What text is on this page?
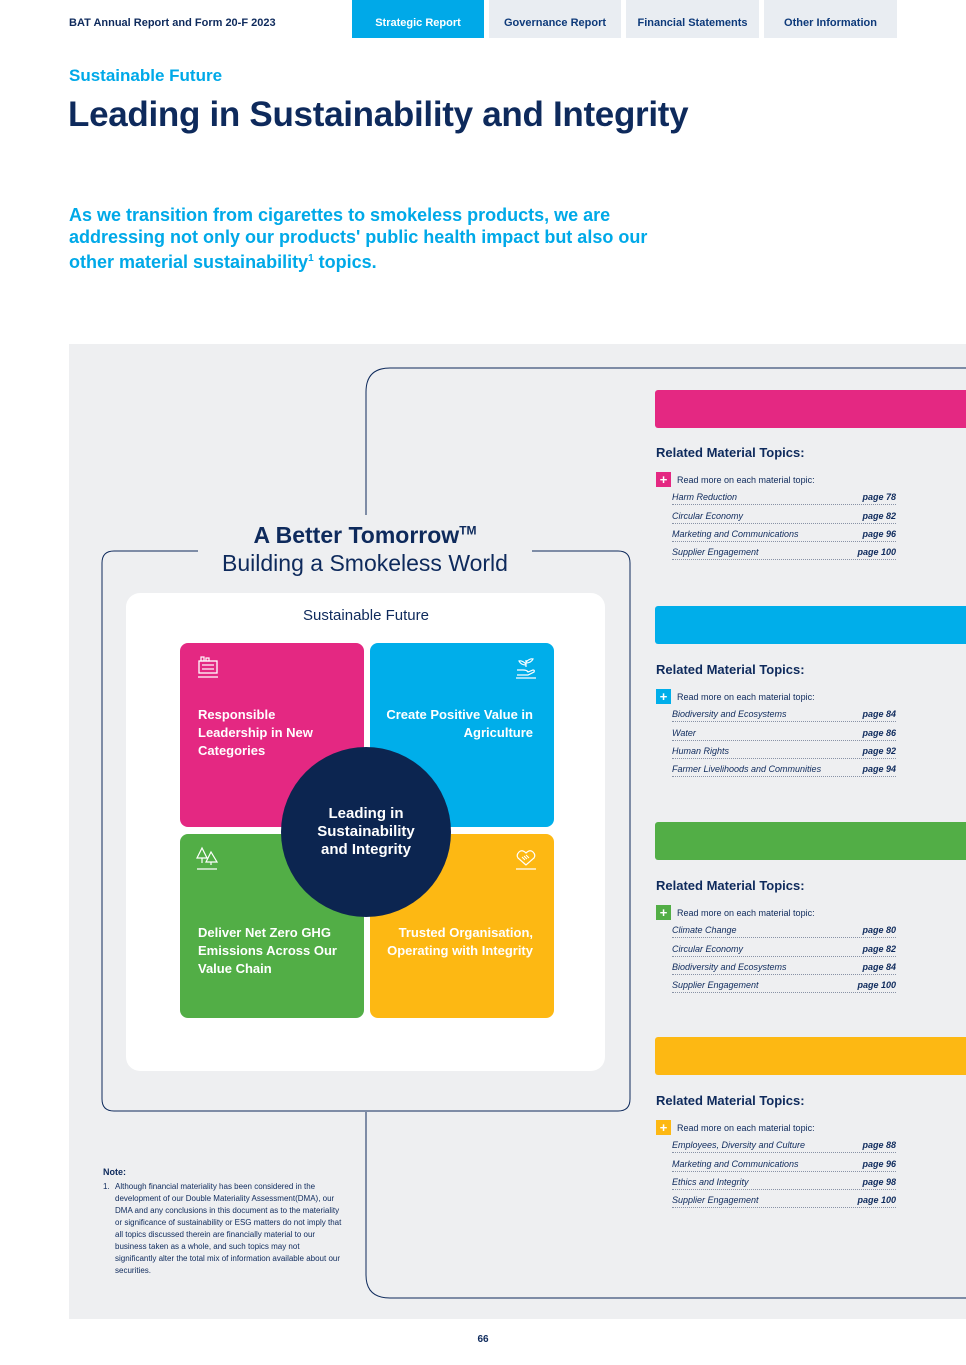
BAT Annual Report and Form 20-F 2023	Strategic Report	Governance Report	Financial Statements	Other Information
Sustainable Future
Leading in Sustainability and Integrity

As we transition from cigarettes to smokeless products, we are addressing not only our products' public health impact but also our other material sustainability$^1$ topics.

A Better Tomorrow™
Building a Smokeless World
Sustainable Future
Responsible Leadership in New Categories
Create Positive Value in Agriculture
Deliver Net Zero GHG Emissions Across Our Value Chain
Trusted Organisation, Operating with Integrity
Leading in Sustainability and Integrity
Related Material Topics:
+	Read more on each material topic:
Harm Reduction	page 78
Circular Economy	page 82
Marketing and Communications	page 96
Supplier Engagement	page 100
Related Material Topics:
+	Read more on each material topic:
Biodiversity and Ecosystems	page 84
Water	page 86
Human Rights	page 92
Farmer Livelihoods and Communities	page 94
Related Material Topics:
+	Read more on each material topic:
Climate Change	page 80
Circular Economy	page 82
Biodiversity and Ecosystems	page 84
Supplier Engagement	page 100
Related Material Topics:
+	Read more on each material topic:
Employees, Diversity and Culture	page 88
Marketing and Communications	page 96
Ethics and Integrity	page 98
Supplier Engagement	page 100
Note:
1. Although financial materiality has been considered in the development of our Double Materiality Assessment(DMA), our DMA and any conclusions in this document as to the materiality or significance of sustainability or ESG matters do not imply that all topics discussed therein are financially material to our business taken as a whole, and such topics may not significantly alter the total mix of information available about our securities.
66
